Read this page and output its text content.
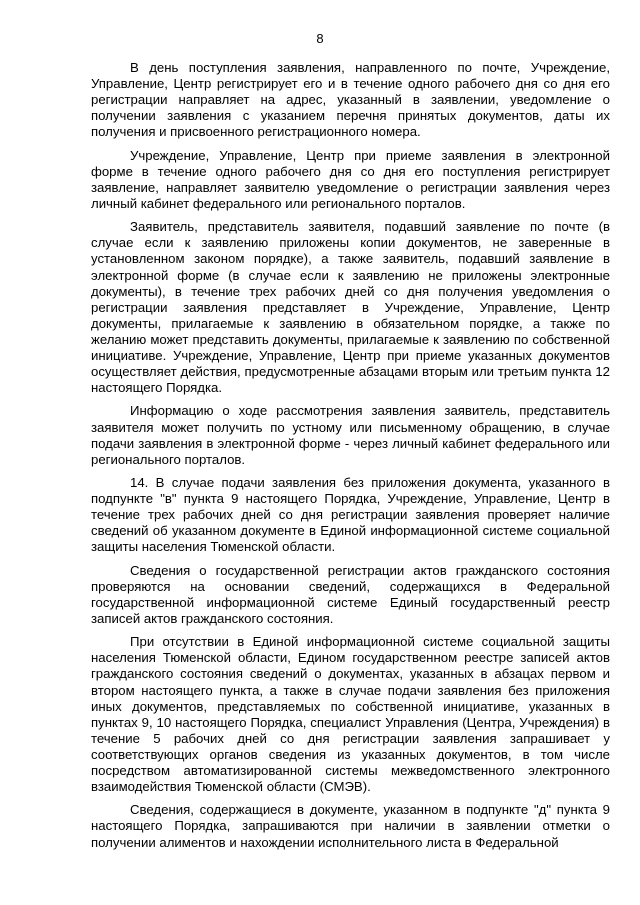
8

В день поступления заявления, направленного по почте, Учреждение, Управление, Центр регистрирует его и в течение одного рабочего дня со дня его регистрации направляет на адрес, указанный в заявлении, уведомление о получении заявления с указанием перечня принятых документов, даты их получения и присвоенного регистрационного номера.

Учреждение, Управление, Центр при приеме заявления в электронной форме в течение одного рабочего дня со дня его поступления регистрирует заявление, направляет заявителю уведомление о регистрации заявления через личный кабинет федерального или регионального порталов.

Заявитель, представитель заявителя, подавший заявление по почте (в случае если к заявлению приложены копии документов, не заверенные в установленном законом порядке), а также заявитель, подавший заявление в электронной форме (в случае если к заявлению не приложены электронные документы), в течение трех рабочих дней со дня получения уведомления о регистрации заявления представляет в Учреждение, Управление, Центр документы, прилагаемые к заявлению в обязательном порядке, а также по желанию может представить документы, прилагаемые к заявлению по собственной инициативе. Учреждение, Управление, Центр при приеме указанных документов осуществляет действия, предусмотренные абзацами вторым или третьим пункта 12 настоящего Порядка.

Информацию о ходе рассмотрения заявления заявитель, представитель заявителя может получить по устному или письменному обращению, в случае подачи заявления в электронной форме - через личный кабинет федерального или регионального порталов.

14. В случае подачи заявления без приложения документа, указанного в подпункте "в" пункта 9 настоящего Порядка, Учреждение, Управление, Центр в течение трех рабочих дней со дня регистрации заявления проверяет наличие сведений об указанном документе в Единой информационной системе социальной защиты населения Тюменской области.

Сведения о государственной регистрации актов гражданского состояния проверяются на основании сведений, содержащихся в Федеральной государственной информационной системе Единый государственный реестр записей актов гражданского состояния.

При отсутствии в Единой информационной системе социальной защиты населения Тюменской области, Едином государственном реестре записей актов гражданского состояния сведений о документах, указанных в абзацах первом и втором настоящего пункта, а также в случае подачи заявления без приложения иных документов, представляемых по собственной инициативе, указанных в пунктах 9, 10 настоящего Порядка, специалист Управления (Центра, Учреждения) в течение 5 рабочих дней со дня регистрации заявления запрашивает у соответствующих органов сведения из указанных документов, в том числе посредством автоматизированной системы межведомственного электронного взаимодействия Тюменской области (СМЭВ).

Сведения, содержащиеся в документе, указанном в подпункте "д" пункта 9 настоящего Порядка, запрашиваются при наличии в заявлении отметки о получении алиментов и нахождении исполнительного листа в Федеральной
